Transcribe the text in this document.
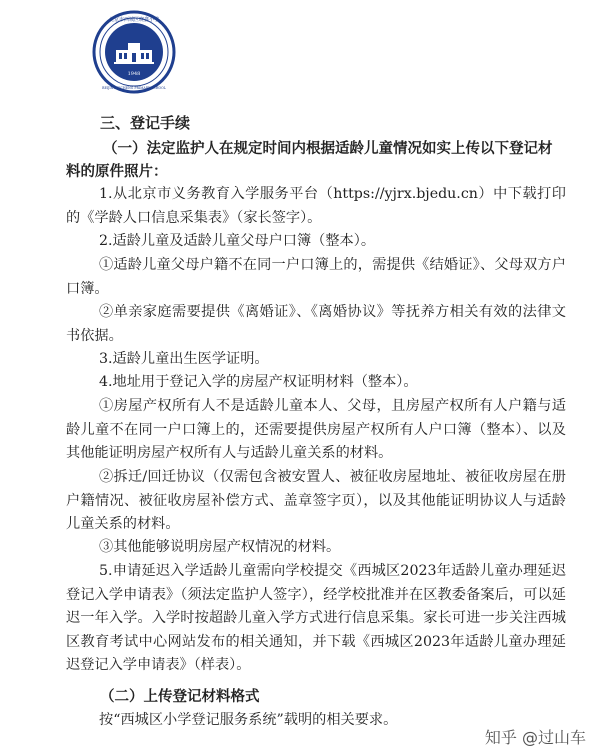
北京市西城区晓鑫小学
BEIJING XICHENG PRIMARY SCHOOL
1948

三、登记手续

（一）法定监护人在规定时间内根据适龄儿童情况如实上传以下登记材料的原件照片：

1.从北京市义务教育入学服务平台（https://yjrx.bjedu.cn）中下载打印的《学龄人口信息采集表》（家长签字）。

2.适龄儿童及适龄儿童父母户口簿（整本）。

①适龄儿童父母户籍不在同一户口簿上的，需提供《结婚证》、父母双方户口簿。

②单亲家庭需要提供《离婚证》、《离婚协议》等抚养方相关有效的法律文书依据。

3.适龄儿童出生医学证明。

4.地址用于登记入学的房屋产权证明材料（整本）。

①房屋产权所有人不是适龄儿童本人、父母，且房屋产权所有人户籍与适龄儿童不在同一户口簿上的，还需要提供房屋产权所有人户口簿（整本）、以及其他能证明房屋产权所有人与适龄儿童关系的材料。

②拆迁/回迁协议（仅需包含被安置人、被征收房屋地址、被征收房屋在册户籍情况、被征收房屋补偿方式、盖章签字页），以及其他能证明协议人与适龄儿童关系的材料。

③其他能够说明房屋产权情况的材料。

5.申请延迟入学适龄儿童需向学校提交《西城区2023年适龄儿童办理延迟登记入学申请表》（须法定监护人签字），经学校批准并在区教委备案后，可以延迟一年入学。入学时按超龄儿童入学方式进行信息采集。家长可进一步关注西城区教育考试中心网站发布的相关通知，并下载《西城区2023年适龄儿童办理延迟登记入学申请表》（样表）。

（二）上传登记材料格式

按“西城区小学登记服务系统”载明的相关要求。

知乎 @过山车
